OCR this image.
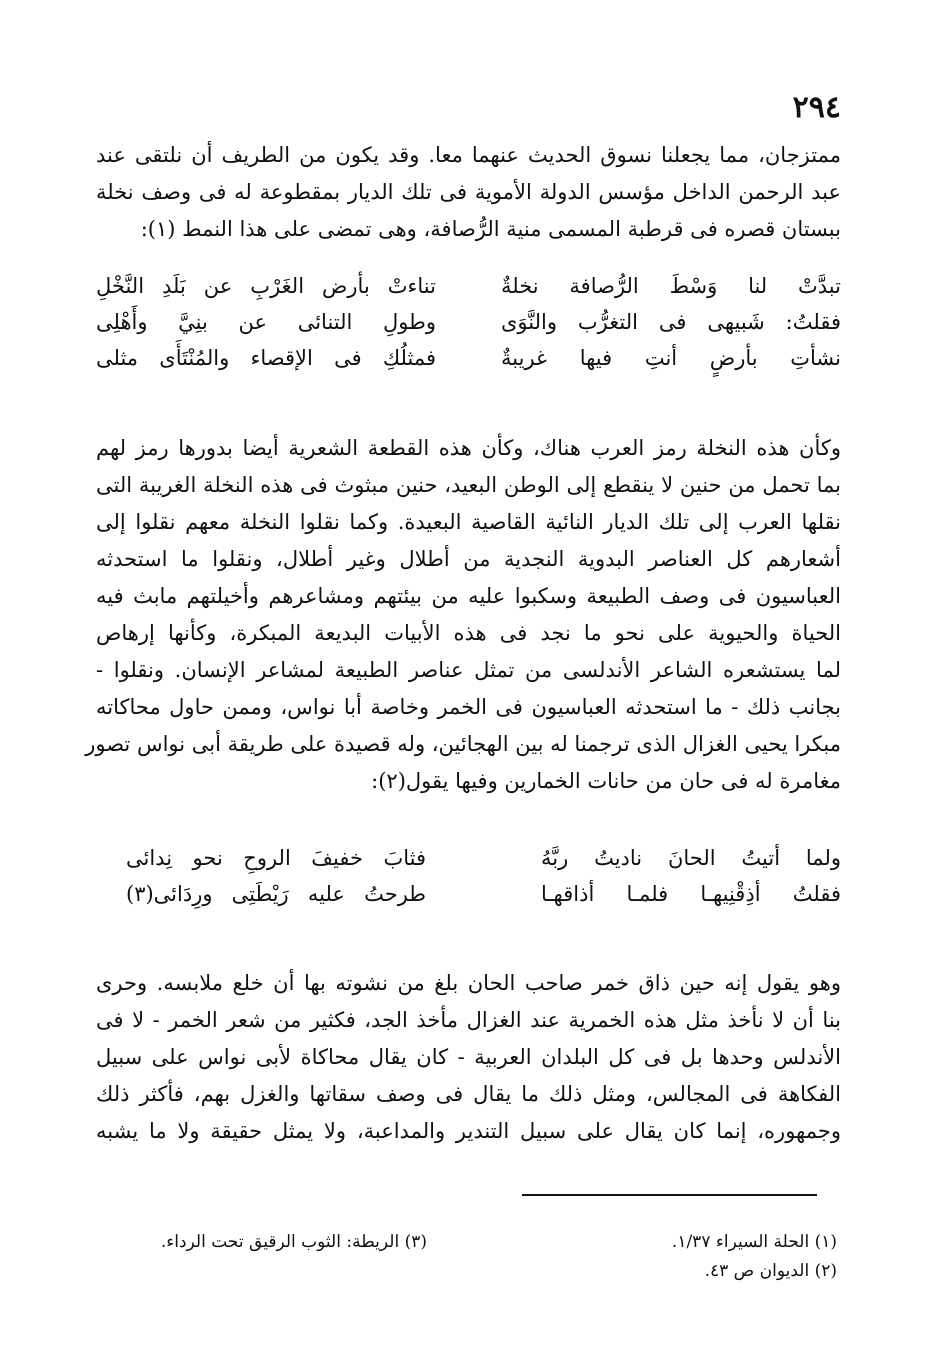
٢٩٤
ممتزجان، مما يجعلنا نسوق الحديث عنهما معا. وقد يكون من الطريف أن نلتقى عند
عبد الرحمن الداخل مؤسس الدولة الأموية فى تلك الديار بمقطوعة له فى وصف نخلة
ببستان قصره فى قرطبة المسمى منية الرُّصافة، وهى تمضى على هذا النمط (١):
تبدَّتْ لنا وَسْطَ الرُّصافة نخلةٌ
تناءتْ بأرض الغَرْبِ عن بَلَدِ النَّخْلِ
فقلتُ: شَبيهى فى التغرُّب والنَّوَى
وطولِ التنائى عن بنِيَّ وأَهْلِى
نشأتِ بأرضٍ أنتِ فيها غريبةٌ
فمثلُكِ فى الإقصاء والمُنْتَأَى مثلى
وكأن هذه النخلة رمز العرب هناك، وكأن هذه القطعة الشعرية أيضا بدورها رمز لهم
بما تحمل من حنين لا ينقطع إلى الوطن البعيد، حنين مبثوث فى هذه النخلة الغريبة التى
نقلها العرب إلى تلك الديار النائية القاصية البعيدة. وكما نقلوا النخلة معهم نقلوا إلى
أشعارهم كل العناصر البدوية النجدية من أطلال وغير أطلال، ونقلوا ما استحدثه
العباسيون فى وصف الطبيعة وسكبوا عليه من بيئتهم ومشاعرهم وأخيلتهم مابث فيه
الحياة والحيوية على نحو ما نجد فى هذه الأبيات البديعة المبكرة، وكأنها إرهاص
لما يستشعره الشاعر الأندلسى من تمثل عناصر الطبيعة لمشاعر الإنسان. ونقلوا -
بجانب ذلك - ما استحدثه العباسيون فى الخمر وخاصة أبا نواس، وممن حاول محاكاته
مبكرا يحيى الغزال الذى ترجمنا له بين الهجائين، وله قصيدة على طريقة أبى نواس تصور
مغامرة له فى حان من حانات الخمارين وفيها يقول(٢):
ولما أتيتُ الحانَ ناديتُ ربَّهُ
فثابَ خفيفَ الروحِ نحو نِدائى
فقلتُ أذِقْنِيهـا فلمـا أذاقهـا
طرحتُ عليه رَيْطَتِى ورِدَائى(٣)
وهو يقول إنه حين ذاق خمر صاحب الحان بلغ من نشوته بها أن خلع ملابسه. وحرى
بنا أن لا نأخذ مثل هذه الخمرية عند الغزال مأخذ الجد، فكثير من شعر الخمر - لا فى
الأندلس وحدها بل فى كل البلدان العربية - كان يقال محاكاة لأبى نواس على سبيل
الفكاهة فى المجالس، ومثل ذلك ما يقال فى وصف سقاتها والغزل بهم، فأكثر ذلك
وجمهوره، إنما كان يقال على سبيل التندير والمداعبة، ولا يمثل حقيقة ولا ما يشبه
(١) الحلة السيراء ١/٣٧.
(٢) الديوان ص ٤٣.
(٣) الريطة: الثوب الرقيق تحت الرداء.
